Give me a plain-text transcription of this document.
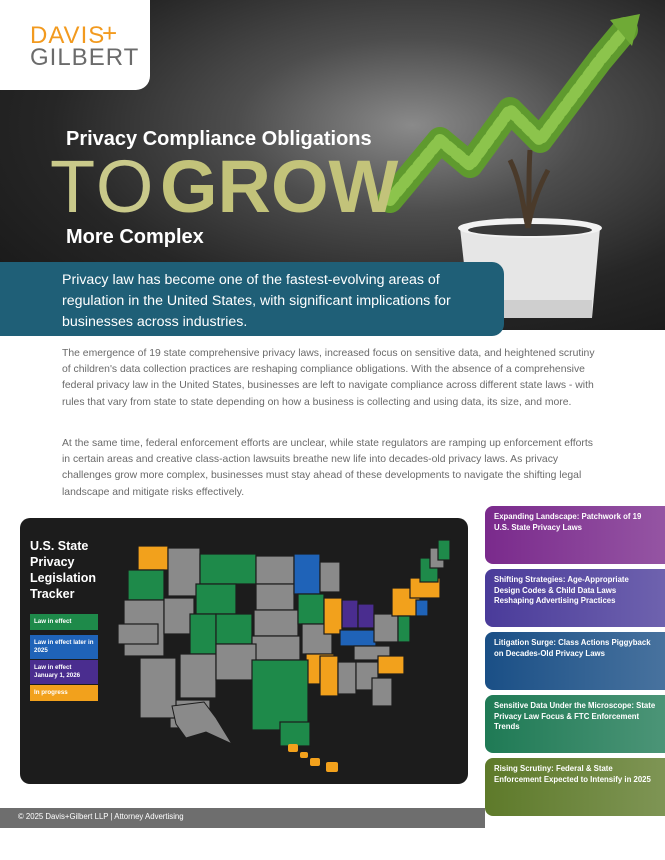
DAVIS
+
GILBERT
Privacy Compliance Obligations
TO GROW
More Complex
Privacy law has become one of the fastest-evolving areas of regulation in the United States, with significant implications for businesses across industries.
The emergence of 19 state comprehensive privacy laws, increased focus on sensitive data, and heightened scrutiny of children's data collection practices are reshaping compliance obligations. With the absence of a comprehensive federal privacy law in the United States, businesses are left to navigate compliance across different state laws - with rules that vary from state to state depending on how a business is collecting and using data, its size, and more.
At the same time, federal enforcement efforts are unclear, while state regulators are ramping up enforcement efforts in certain areas and creative class-action lawsuits breathe new life into decades-old privacy laws. As privacy challenges grow more complex, businesses must stay ahead of these developments to navigate the shifting legal landscape and mitigate risks effectively.
U.S. State Privacy Legislation Tracker
Law in effect
Law in effect later in 2025
Law in effect January 1, 2026
In progress
Expanding Landscape: Patchwork of 19 U.S. State Privacy Laws
Shifting Strategies: Age-Appropriate Design Codes & Child Data Laws Reshaping Advertising Practices
Litigation Surge: Class Actions Piggyback on Decades-Old Privacy Laws
Sensitive Data Under the Microscope: State Privacy Law Focus & FTC Enforcement Trends
Rising Scrutiny: Federal & State Enforcement Expected to Intensify in 2025
© 2025 Davis+Gilbert LLP | Attorney Advertising
